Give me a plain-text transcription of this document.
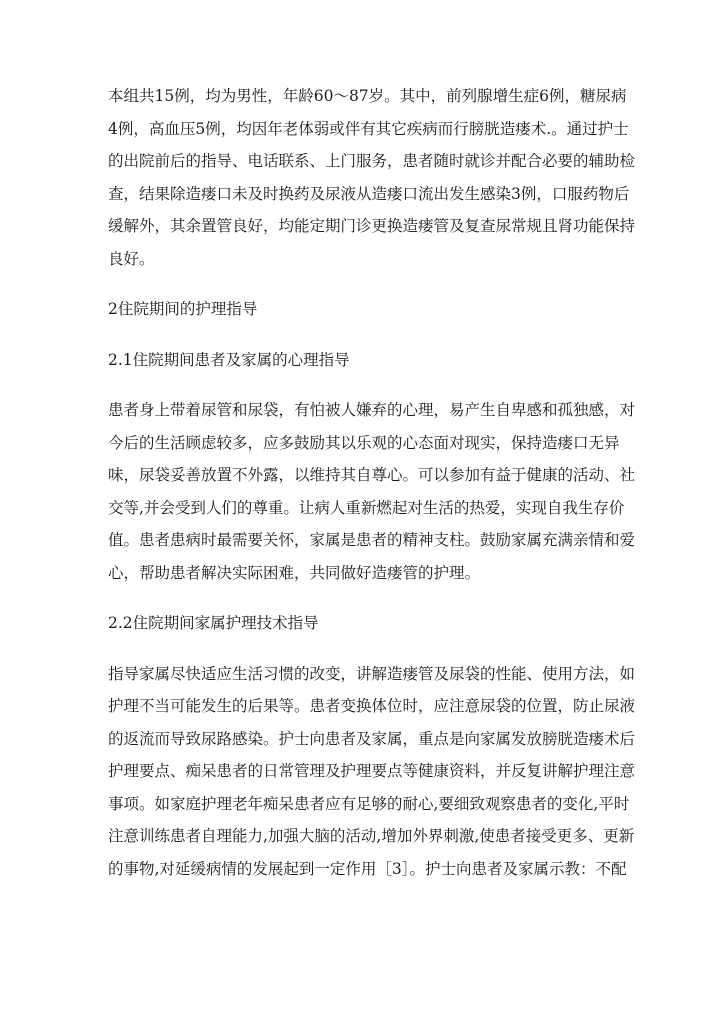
本组共15例，均为男性，年龄60～87岁。其中，前列腺增生症6例，糖尿病
4例，高血压5例，均因年老体弱或伴有其它疾病而行膀胱造瘘术.。通过护士
的出院前后的指导、电话联系、上门服务，患者随时就诊并配合必要的辅助检
查，结果除造瘘口未及时换药及尿液从造瘘口流出发生感染3例，口服药物后
缓解外，其余置管良好，均能定期门诊更换造瘘管及复查尿常规且肾功能保持
良好。
2住院期间的护理指导
2.1住院期间患者及家属的心理指导
患者身上带着尿管和尿袋，有怕被人嫌弃的心理，易产生自卑感和孤独感，对
今后的生活顾虑较多，应多鼓励其以乐观的心态面对现实，保持造瘘口无异
味，尿袋妥善放置不外露，以维持其自尊心。可以参加有益于健康的活动、社
交等,并会受到人们的尊重。让病人重新燃起对生活的热爱，实现自我生存价
值。患者患病时最需要关怀，家属是患者的精神支柱。鼓励家属充满亲情和爱
心，帮助患者解决实际困难，共同做好造瘘管的护理。
2.2住院期间家属护理技术指导
指导家属尽快适应生活习惯的改变，讲解造瘘管及尿袋的性能、使用方法，如
护理不当可能发生的后果等。患者变换体位时，应注意尿袋的位置，防止尿液
的返流而导致尿路感染。护士向患者及家属，重点是向家属发放膀胱造瘘术后
护理要点、痴呆患者的日常管理及护理要点等健康资料，并反复讲解护理注意
事项。如家庭护理老年痴呆患者应有足够的耐心,要细致观察患者的变化,平时
注意训练患者自理能力,加强大脑的活动,增加外界刺激,使患者接受更多、更新
的事物,对延缓病情的发展起到一定作用［3］。护士向患者及家属示教：不配
